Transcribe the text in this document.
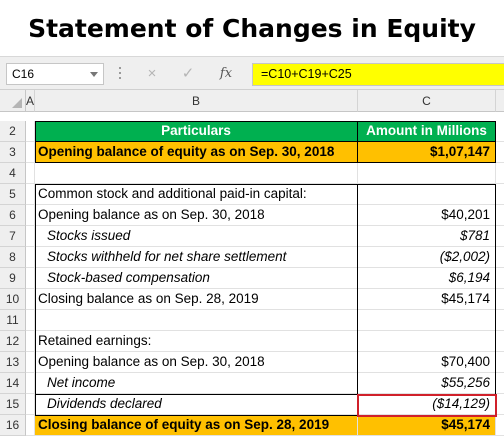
Statement of Changes in Equity
C16	×	✓	fx	=C10+C19+C25
A	B	C
2	Particulars	Amount in Millions
3	Opening balance of equity as on Sep. 30, 2018	$1,07,147
4
5	Common stock and additional paid-in capital:
6	Opening balance as on Sep. 30, 2018	$40,201
7	Stocks issued	$781
8	Stocks withheld for net share settlement	($2,002)
9	Stock-based compensation	$6,194
10	Closing balance as on Sep. 28, 2019	$45,174
11
12	Retained earnings:
13	Opening balance as on Sep. 30, 2018	$70,400
14	Net income	$55,256
15	Dividends declared	($14,129)
16	Closing balance of equity as on Sep. 28, 2019	$45,174
